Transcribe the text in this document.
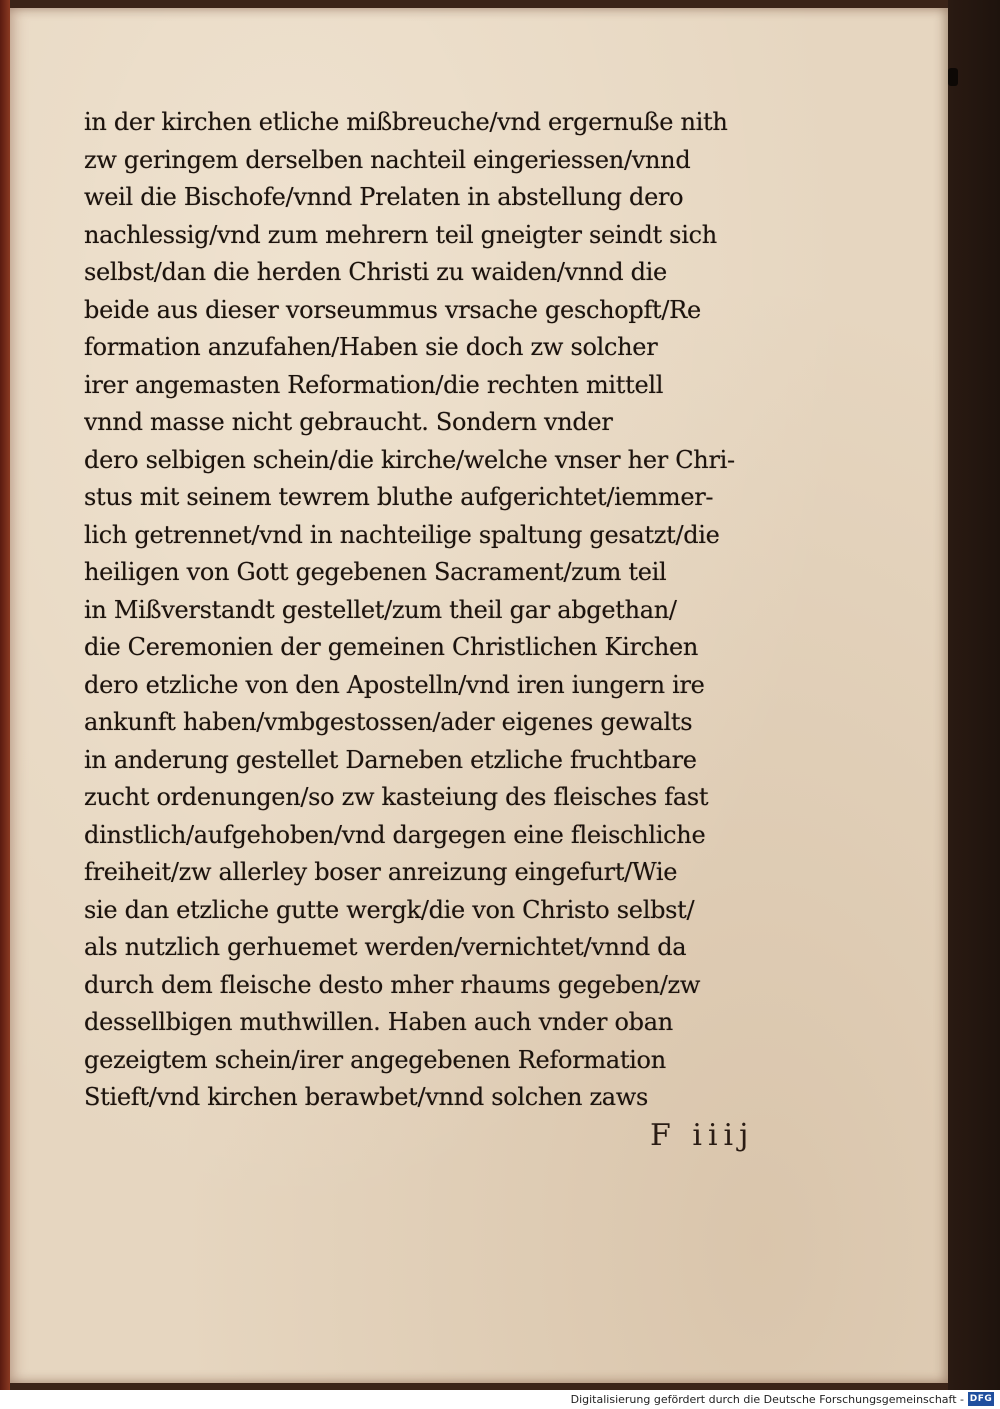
in der kirchen etliche mißbreuche/vnd ergernuße nith
zw geringem derselben nachteil eingeriessen/vnnd
weil die Bischofe/vnnd Prelaten in abstellung dero
nachlessig/vnd zum mehrern teil gneigter seindt sich
selbst/dan die herden Christi zu waiden/vnnd die
beide aus dieser vorseummus vrsache geschopft/Re
formation anzufahen/Haben sie doch zw solcher
irer angemasten Reformation/die rechten mittell
vnnd masse nicht gebraucht. Sondern vnder
dero selbigen schein/die kirche/welche vnser her Chri-
stus mit seinem tewrem bluthe aufgerichtet/iemmer-
lich getrennet/vnd in nachteilige spaltung gesatzt/die
heiligen von Gott gegebenen Sacrament/zum teil
in Mißverstandt gestellet/zum theil gar abgethan/
die Ceremonien der gemeinen Christlichen Kirchen
dero etzliche von den Apostelln/vnd iren iungern ire
ankunft haben/vmbgestossen/ader eigenes gewalts
in anderung gestellet Darneben etzliche fruchtbare
zucht ordenungen/so zw kasteiung des fleisches fast
dinstlich/aufgehoben/vnd dargegen eine fleischliche
freiheit/zw allerley boser anreizung eingefurt/Wie
sie dan etzliche gutte wergk/die von Christo selbst/
als nutzlich gerhuemet werden/vernichtet/vnnd da
durch dem fleische desto mher rhaums gegeben/zw
dessellbigen muthwillen. Haben auch vnder oban
gezeigtem schein/irer angegebenen Reformation
Stieft/vnd kirchen berawbet/vnnd solchen zaws
F iiij
Digitalisierung gefördert durch die Deutsche Forschungsgemeinschaft - DFG
